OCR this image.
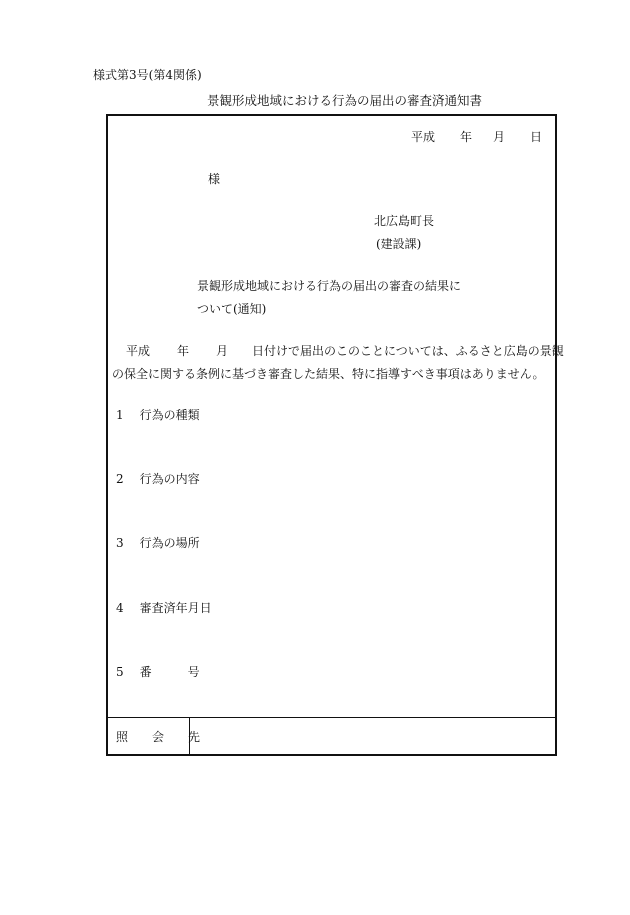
様式第3号(第4関係)
景観形成地域における行為の届出の審査済通知書
平成 年 月 日
様
北広島町長
(建設課)
景観形成地域における行為の届出の審査の結果に
ついて(通知)
平成 年 月 日付けで届出のこのことについては、ふるさと広島の景観
の保全に関する条例に基づき審査した結果、特に指導すべき事項はありません。
1 行為の種類
2 行為の内容
3 行為の場所
4 審査済年月日
5 番　　　号
照　　会　　先
